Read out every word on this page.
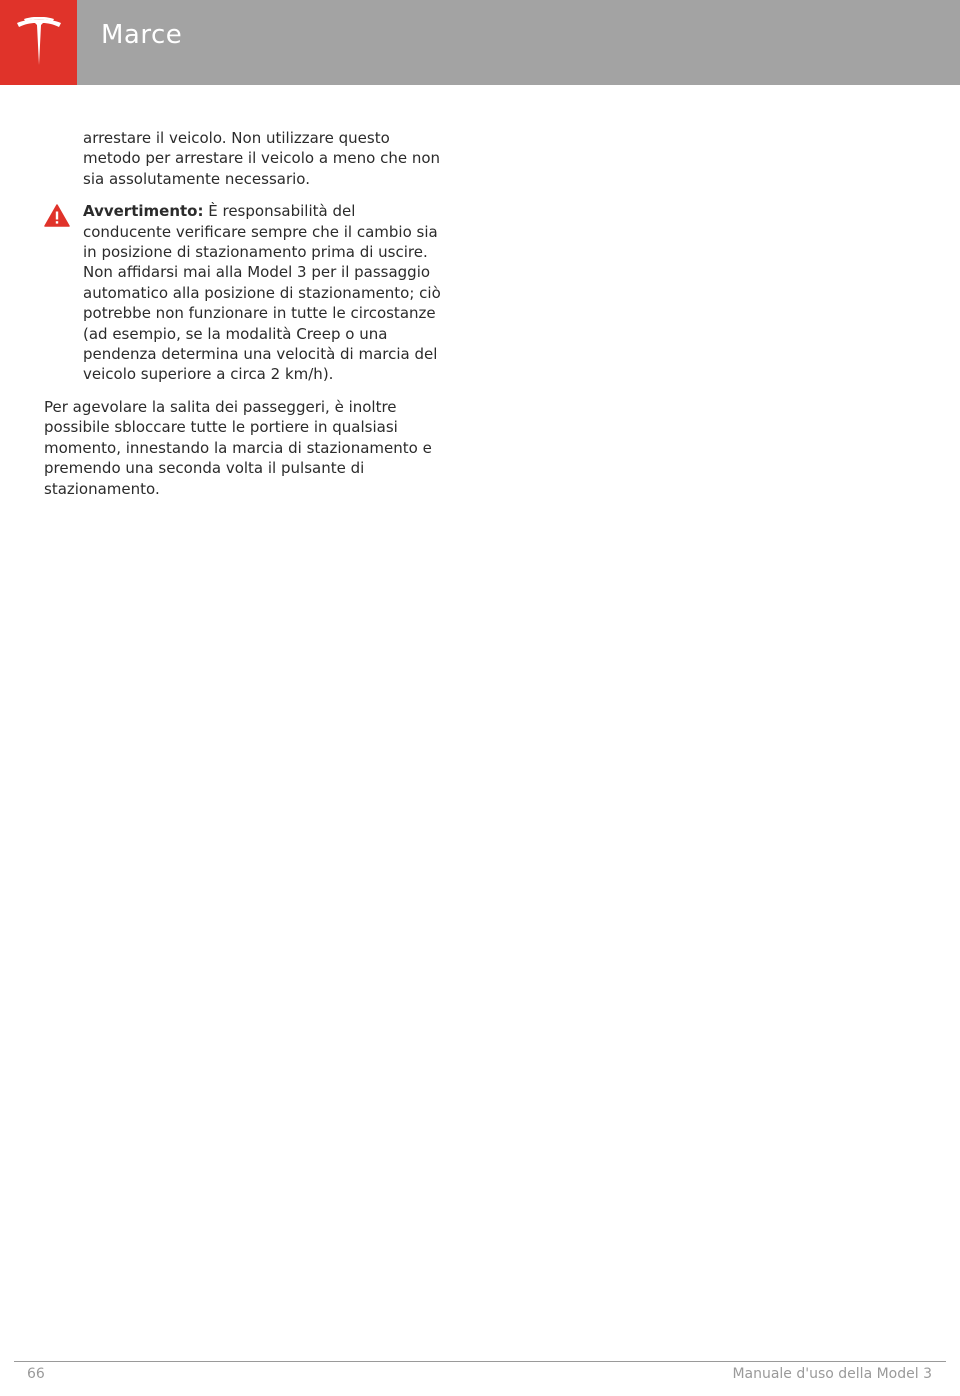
Marce

arrestare il veicolo. Non utilizzare questo metodo per arrestare il veicolo a meno che non sia assolutamente necessario.

Avvertimento: È responsabilità del conducente verificare sempre che il cambio sia in posizione di stazionamento prima di uscire. Non affidarsi mai alla Model 3 per il passaggio automatico alla posizione di stazionamento; ciò potrebbe non funzionare in tutte le circostanze (ad esempio, se la modalità Creep o una pendenza determina una velocità di marcia del veicolo superiore a circa 2 km/h).

Per agevolare la salita dei passeggeri, è inoltre possibile sbloccare tutte le portiere in qualsiasi momento, innestando la marcia di stazionamento e premendo una seconda volta il pulsante di stazionamento.

66	Manuale d'uso della Model 3
